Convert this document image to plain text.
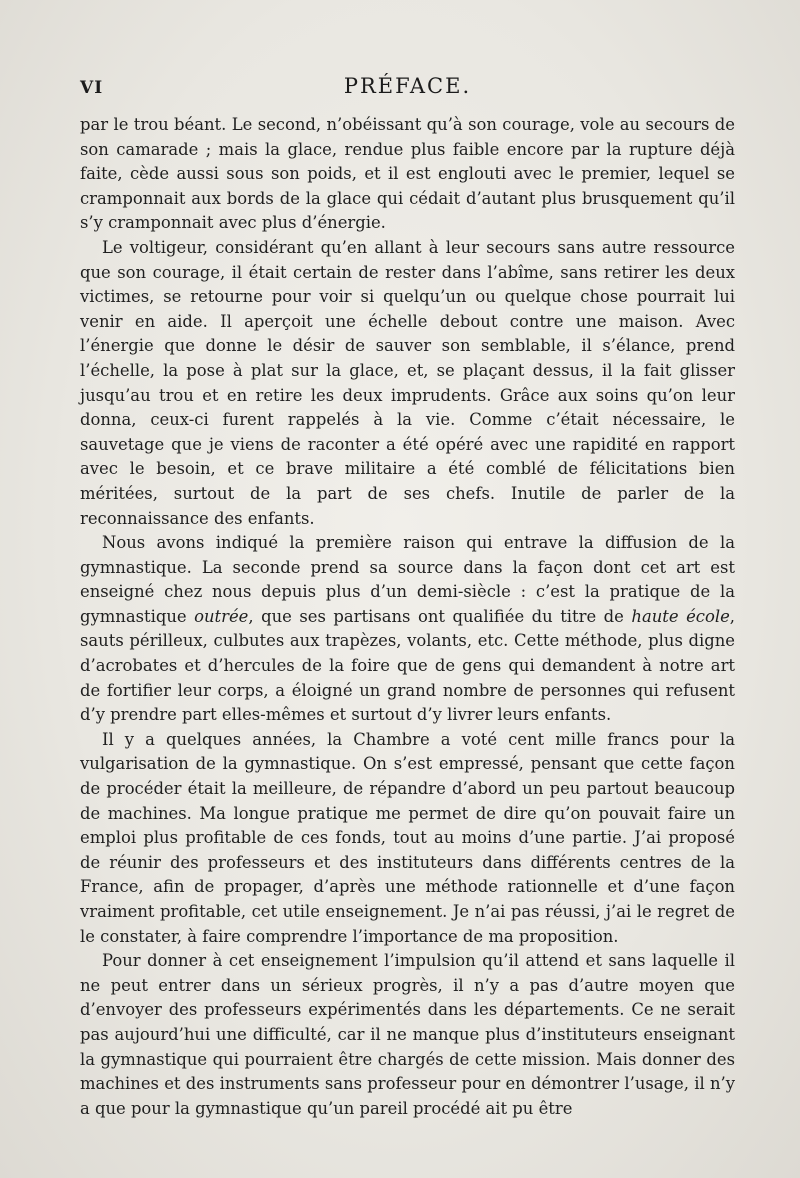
VI	PRÉFACE.

par le trou béant. Le second, n’obéissant qu’à son courage, vole au secours de son camarade ; mais la glace, rendue plus faible encore par la rupture déjà faite, cède aussi sous son poids, et il est englouti avec le premier, lequel se cramponnait aux bords de la glace qui cédait d’autant plus brusquement qu’il s’y cramponnait avec plus d’énergie.

Le voltigeur, considérant qu’en allant à leur secours sans autre ressource que son courage, il était certain de rester dans l’abîme, sans retirer les deux victimes, se retourne pour voir si quelqu’un ou quelque chose pourrait lui venir en aide. Il aperçoit une échelle debout contre une maison. Avec l’énergie que donne le désir de sauver son semblable, il s’élance, prend l’échelle, la pose à plat sur la glace, et, se plaçant dessus, il la fait glisser jusqu’au trou et en retire les deux imprudents. Grâce aux soins qu’on leur donna, ceux-ci furent rappelés à la vie. Comme c’était nécessaire, le sauvetage que je viens de raconter a été opéré avec une rapidité en rapport avec le besoin, et ce brave militaire a été comblé de félicitations bien méritées, surtout de la part de ses chefs. Inutile de parler de la reconnaissance des enfants.

Nous avons indiqué la première raison qui entrave la diffusion de la gymnastique. La seconde prend sa source dans la façon dont cet art est enseigné chez nous depuis plus d’un demi-siècle : c’est la pratique de la gymnastique outrée, que ses partisans ont qualifiée du titre de haute école, sauts périlleux, culbutes aux trapèzes, volants, etc. Cette méthode, plus digne d’acrobates et d’hercules de la foire que de gens qui demandent à notre art de fortifier leur corps, a éloigné un grand nombre de personnes qui refusent d’y prendre part elles-mêmes et surtout d’y livrer leurs enfants.

Il y a quelques années, la Chambre a voté cent mille francs pour la vulgarisation de la gymnastique. On s’est empressé, pensant que cette façon de procéder était la meilleure, de répandre d’abord un peu partout beaucoup de machines. Ma longue pratique me permet de dire qu’on pouvait faire un emploi plus profitable de ces fonds, tout au moins d’une partie. J’ai proposé de réunir des professeurs et des instituteurs dans différents centres de la France, afin de propager, d’après une méthode rationnelle et d’une façon vraiment profitable, cet utile enseignement. Je n’ai pas réussi, j’ai le regret de le constater, à faire comprendre l’importance de ma proposition.

Pour donner à cet enseignement l’impulsion qu’il attend et sans laquelle il ne peut entrer dans un sérieux progrès, il n’y a pas d’autre moyen que d’envoyer des professeurs expérimentés dans les départements. Ce ne serait pas aujourd’hui une difficulté, car il ne manque plus d’instituteurs enseignant la gymnastique qui pourraient être chargés de cette mission. Mais donner des machines et des instruments sans professeur pour en démontrer l’usage, il n’y a que pour la gymnastique qu’un pareil procédé ait pu être
